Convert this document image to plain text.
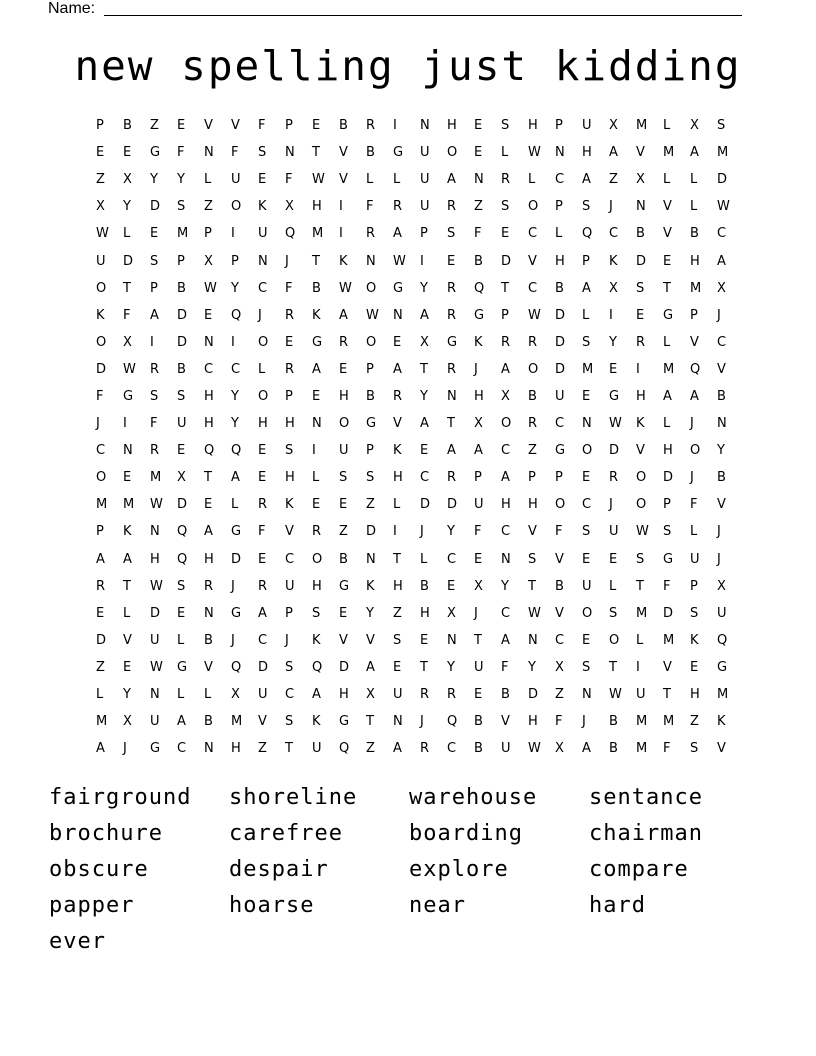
Name:
new spelling just kidding
P	B	Z	E	V	V	F	P	E	B	R	I	N	H	E	S	H	P	U	X	M	L	X	S
E	E	G	F	N	F	S	N	T	V	B	G	U	O	E	L	W	N	H	A	V	M	A	M
Z	X	Y	Y	L	U	E	F	W	V	L	L	U	A	N	R	L	C	A	Z	X	L	L	D
X	Y	D	S	Z	O	K	X	H	I	F	R	U	R	Z	S	O	P	S	J	N	V	L	W
W	L	E	M	P	I	U	Q	M	I	R	A	P	S	F	E	C	L	Q	C	B	V	B	C
U	D	S	P	X	P	N	J	T	K	N	W	I	E	B	D	V	H	P	K	D	E	H	A
O	T	P	B	W	Y	C	F	B	W	O	G	Y	R	Q	T	C	B	A	X	S	T	M	X
K	F	A	D	E	Q	J	R	K	A	W	N	A	R	G	P	W	D	L	I	E	G	P	J
O	X	I	D	N	I	O	E	G	R	O	E	X	G	K	R	R	D	S	Y	R	L	V	C
D	W	R	B	C	C	L	R	A	E	P	A	T	R	J	A	O	D	M	E	I	M	Q	V
F	G	S	S	H	Y	O	P	E	H	B	R	Y	N	H	X	B	U	E	G	H	A	A	B
J	I	F	U	H	Y	H	H	N	O	G	V	A	T	X	O	R	C	N	W	K	L	J	N
C	N	R	E	Q	Q	E	S	I	U	P	K	E	A	A	C	Z	G	O	D	V	H	O	Y
O	E	M	X	T	A	E	H	L	S	S	H	C	R	P	A	P	P	E	R	O	D	J	B
M	M	W	D	E	L	R	K	E	E	Z	L	D	D	U	H	H	O	C	J	O	P	F	V
P	K	N	Q	A	G	F	V	R	Z	D	I	J	Y	F	C	V	F	S	U	W	S	L	J
A	A	H	Q	H	D	E	C	O	B	N	T	L	C	E	N	S	V	E	E	S	G	U	J
R	T	W	S	R	J	R	U	H	G	K	H	B	E	X	Y	T	B	U	L	T	F	P	X
E	L	D	E	N	G	A	P	S	E	Y	Z	H	X	J	C	W	V	O	S	M	D	S	U
D	V	U	L	B	J	C	J	K	V	V	S	E	N	T	A	N	C	E	O	L	M	K	Q
Z	E	W	G	V	Q	D	S	Q	D	A	E	T	Y	U	F	Y	X	S	T	I	V	E	G
L	Y	N	L	L	X	U	C	A	H	X	U	R	R	E	B	D	Z	N	W	U	T	H	M
M	X	U	A	B	M	V	S	K	G	T	N	J	Q	B	V	H	F	J	B	M	M	Z	K
A	J	G	C	N	H	Z	T	U	Q	Z	A	R	C	B	U	W	X	A	B	M	F	S	V
fairground	shoreline	warehouse	sentance
brochure	carefree	boarding	chairman
obscure	despair	explore	compare
papper	hoarse	near	hard
ever
